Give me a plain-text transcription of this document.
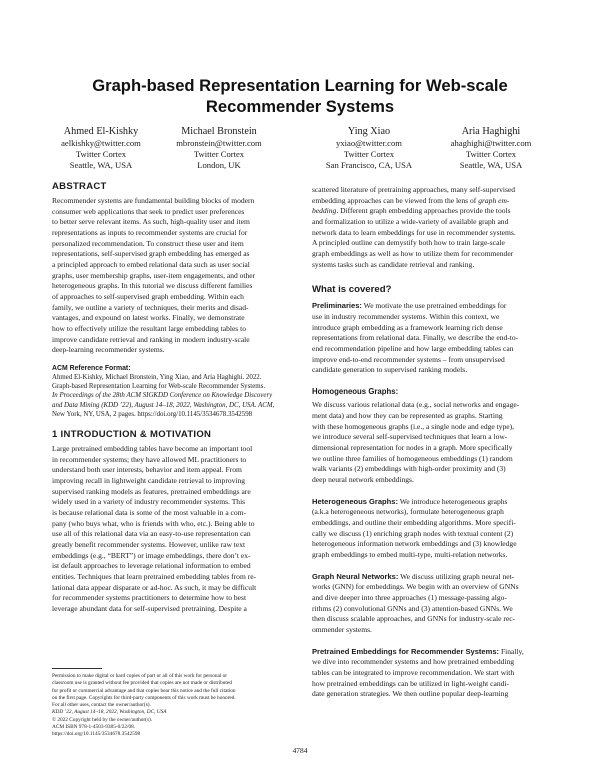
Graph-based Representation Learning for Web-scale
Recommender Systems
Ahmed El-Kishky
aelkishky@twitter.com
Twitter Cortex
Seattle, WA, USA
Michael Bronstein
mbronstein@twitter.com
Twitter Cortex
London, UK
Ying Xiao
yxiao@twitter.com
Twitter Cortex
San Francisco, CA, USA
Aria Haghighi
ahaghighi@twitter.com
Twitter Cortex
Seattle, WA, USA
ABSTRACT

Recommender systems are fundamental building blocks of modern
consumer web applications that seek to predict user preferences
to better serve relevant items. As such, high-quality user and item
representations as inputs to recommender systems are crucial for
personalized recommendation. To construct these user and item
representations, self-supervised graph embedding has emerged as
a principled approach to embed relational data such as user social
graphs, user membership graphs, user-item engagements, and other
heterogeneous graphs. In this tutorial we discuss different families
of approaches to self-supervised graph embedding. Within each
family, we outline a variety of techniques, their merits and disad-
vantages, and expound on latest works. Finally, we demonstrate
how to effectively utilize the resultant large embedding tables to
improve candidate retrieval and ranking in modern industry-scale
deep-learning recommender systems.

ACM Reference Format:
Ahmed El-Kishky, Michael Bronstein, Ying Xiao, and Aria Haghighi. 2022.
Graph-based Representation Learning for Web-scale Recommender Systems.
In Proceedings of the 28th ACM SIGKDD Conference on Knowledge Discovery
and Data Mining (KDD ’22), August 14–18, 2022, Washington, DC, USA. ACM,
New York, NY, USA, 2 pages. https://doi.org/10.1145/3534678.3542598
1 INTRODUCTION & MOTIVATION

Large pretrained embedding tables have become an important tool
in recommender systems; they have allowed ML practitioners to
understand both user interests, behavior and item appeal. From
improving recall in lightweight candidate retrieval to improving
supervised ranking models as features, pretrained embeddings are
widely used in a variety of industry recommender systems. This
is because relational data is some of the most valuable in a com-
pany (who buys what, who is friends with who, etc.). Being able to
use all of this relational data via an easy-to-use representation can
greatly benefit recommender systems. However, unlike raw text
embeddings (e.g., “BERT”) or image embeddings, there don’t ex-
ist default approaches to leverage relational information to embed
entities. Techniques that learn pretrained embedding tables from re-
lational data appear disparate or ad-hoc. As such, it may be difficult
for recommender systems practitioners to determine how to best
leverage abundant data for self-supervised pretraining. Despite a

Permission to make digital or hard copies of part or all of this work for personal or
classroom use is granted without fee provided that copies are not made or distributed
for profit or commercial advantage and that copies bear this notice and the full citation
on the first page. Copyrights for third-party components of this work must be honored.
For all other uses, contact the owner/author(s).
KDD ’22, August 14–18, 2022, Washington, DC, USA
© 2022 Copyright held by the owner/author(s).
ACM ISBN 978-1-4503-9385-0/22/08.
https://doi.org/10.1145/3534678.3542598

scattered literature of pretraining approaches, many self-supervised
embedding approaches can be viewed from the lens of graph em-
bedding. Different graph embedding approaches provide the tools
and formalization to utilize a wide-variety of available graph and
network data to learn embeddings for use in recommender systems.
A principled outline can demystify both how to train large-scale
graph embeddings as well as how to utilize them for recommender
systems tasks such as candidate retrieval and ranking.

What is covered?

Preliminaries: We motivate the use pretrained embeddings for
use in industry recommender systems. Within this context, we
introduce graph embedding as a framework learning rich dense
representations from relational data. Finally, we describe the end-to-
end recommendation pipeline and how large embedding tables can
improve end-to-end recommender systems – from unsupervised
candidate generation to supervised ranking models.

Homogeneous Graphs:

We discuss various relational data (e.g., social networks and engage-
ment data) and how they can be represented as graphs. Starting
with these homogeneous graphs (i.e., a single node and edge type),
we introduce several self-supervised techniques that learn a low-
dimensional representation for nodes in a graph. More specifically
we outline three families of homogeneous embeddings (1) random
walk variants (2) embeddings with high-order proximity and (3)
deep neural network embeddings.

Heterogeneous Graphs: We introduce heterogeneous graphs
(a.k.a heterogeneous networks), formulate heterogeneous graph
embeddings, and outline their embedding algorithms. More specifi-
cally we discuss (1) enriching graph nodes with textual content (2)
heterogeneous information network embeddings and (3) knowledge
graph embeddings to embed multi-type, multi-relation networks.

Graph Neural Networks: We discuss utilizing graph neural net-
works (GNN) for embeddings. We begin with an overview of GNNs
and dive deeper into three approaches (1) message-passing algo-
rithms (2) convolutional GNNs and (3) attention-based GNNs. We
then discuss scalable approaches, and GNNs for industry-scale rec-
ommender systems.

Pretrained Embeddings for Recommender Systems: Finally,
we dive into recommender systems and how pretrained embedding
tables can be integrated to improve recommendation. We start with
how pretrained embeddings can be utilized in light-weight candi-
date generation strategies. We then outline popular deep-learning

4784
